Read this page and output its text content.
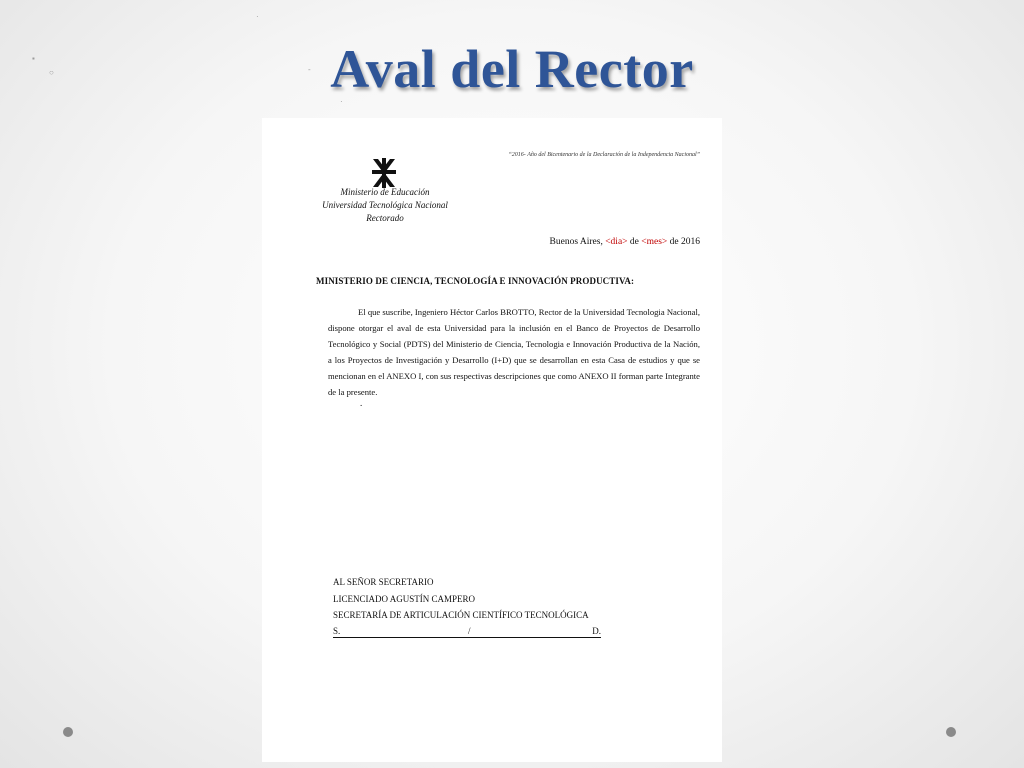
·
▪
○	-
·
Aval del Rector
“2016- Año del Bicentenario de la Declaración de la Independencia Nacional”
Ministerio de Educación
Universidad Tecnológica Nacional
Rectorado
Buenos Aires, <dia> de <mes> de 2016
MINISTERIO DE CIENCIA, TECNOLOGÍA E INNOVACIÓN PRODUCTIVA:

El que suscribe, Ingeniero Héctor Carlos BROTTO, Rector de la Universidad Tecnologia Nacional, dispone otorgar el aval de esta Universidad para la inclusión en el Banco de Proyectos de Desarrollo Tecnológico y Social (PDTS) del Ministerio de Ciencia, Tecnologia e Innovación Productiva de la Nación, a los Proyectos de Investigación y Desarrollo (I+D) que se desarrollan en esta Casa de estudios y que se mencionan en el ANEXO I, con sus respectivas descripciones que como ANEXO II forman parte Integrante de la presente.

.
AL SEÑOR SECRETARIO
LICENCIADO AGUSTÍN CAMPERO
SECRETARÍA DE ARTICULACIÓN CIENTÍFICO TECNOLÓGICA
S.	/	D.
